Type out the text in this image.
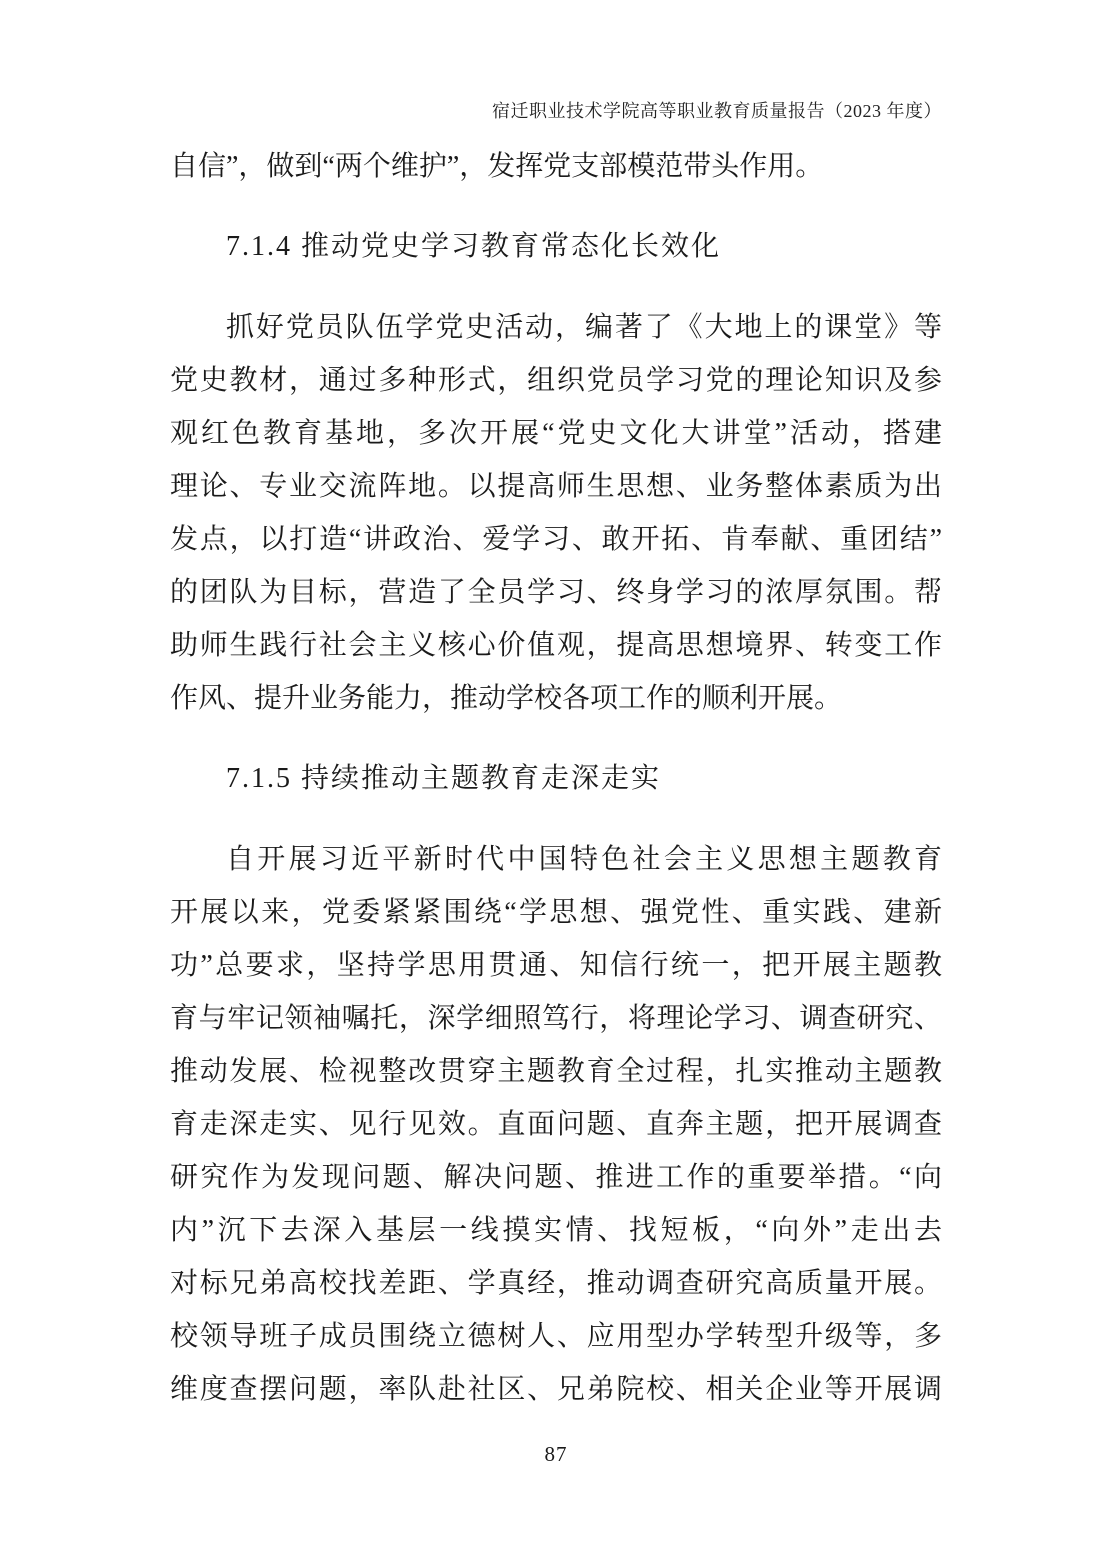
宿迁职业技术学院高等职业教育质量报告（2023 年度）
自信”，做到“两个维护”，发挥党支部模范带头作用。
7.1.4 推动党史学习教育常态化长效化
抓好党员队伍学党史活动，编著了《大地上的课堂》等
党史教材，通过多种形式，组织党员学习党的理论知识及参
观红色教育基地，多次开展“党史文化大讲堂”活动，搭建
理论、专业交流阵地。以提高师生思想、业务整体素质为出
发点，以打造“讲政治、爱学习、敢开拓、肯奉献、重团结”
的团队为目标，营造了全员学习、终身学习的浓厚氛围。帮
助师生践行社会主义核心价值观，提高思想境界、转变工作
作风、提升业务能力，推动学校各项工作的顺利开展。
7.1.5 持续推动主题教育走深走实
自开展习近平新时代中国特色社会主义思想主题教育
开展以来，党委紧紧围绕“学思想、强党性、重实践、建新
功”总要求，坚持学思用贯通、知信行统一，把开展主题教
育与牢记领袖嘱托，深学细照笃行，将理论学习、调查研究、
推动发展、检视整改贯穿主题教育全过程，扎实推动主题教
育走深走实、见行见效。直面问题、直奔主题，把开展调查
研究作为发现问题、解决问题、推进工作的重要举措。“向
内”沉下去深入基层一线摸实情、找短板，“向外”走出去
对标兄弟高校找差距、学真经，推动调查研究高质量开展。
校领导班子成员围绕立德树人、应用型办学转型升级等，多
维度查摆问题，率队赴社区、兄弟院校、相关企业等开展调
87
